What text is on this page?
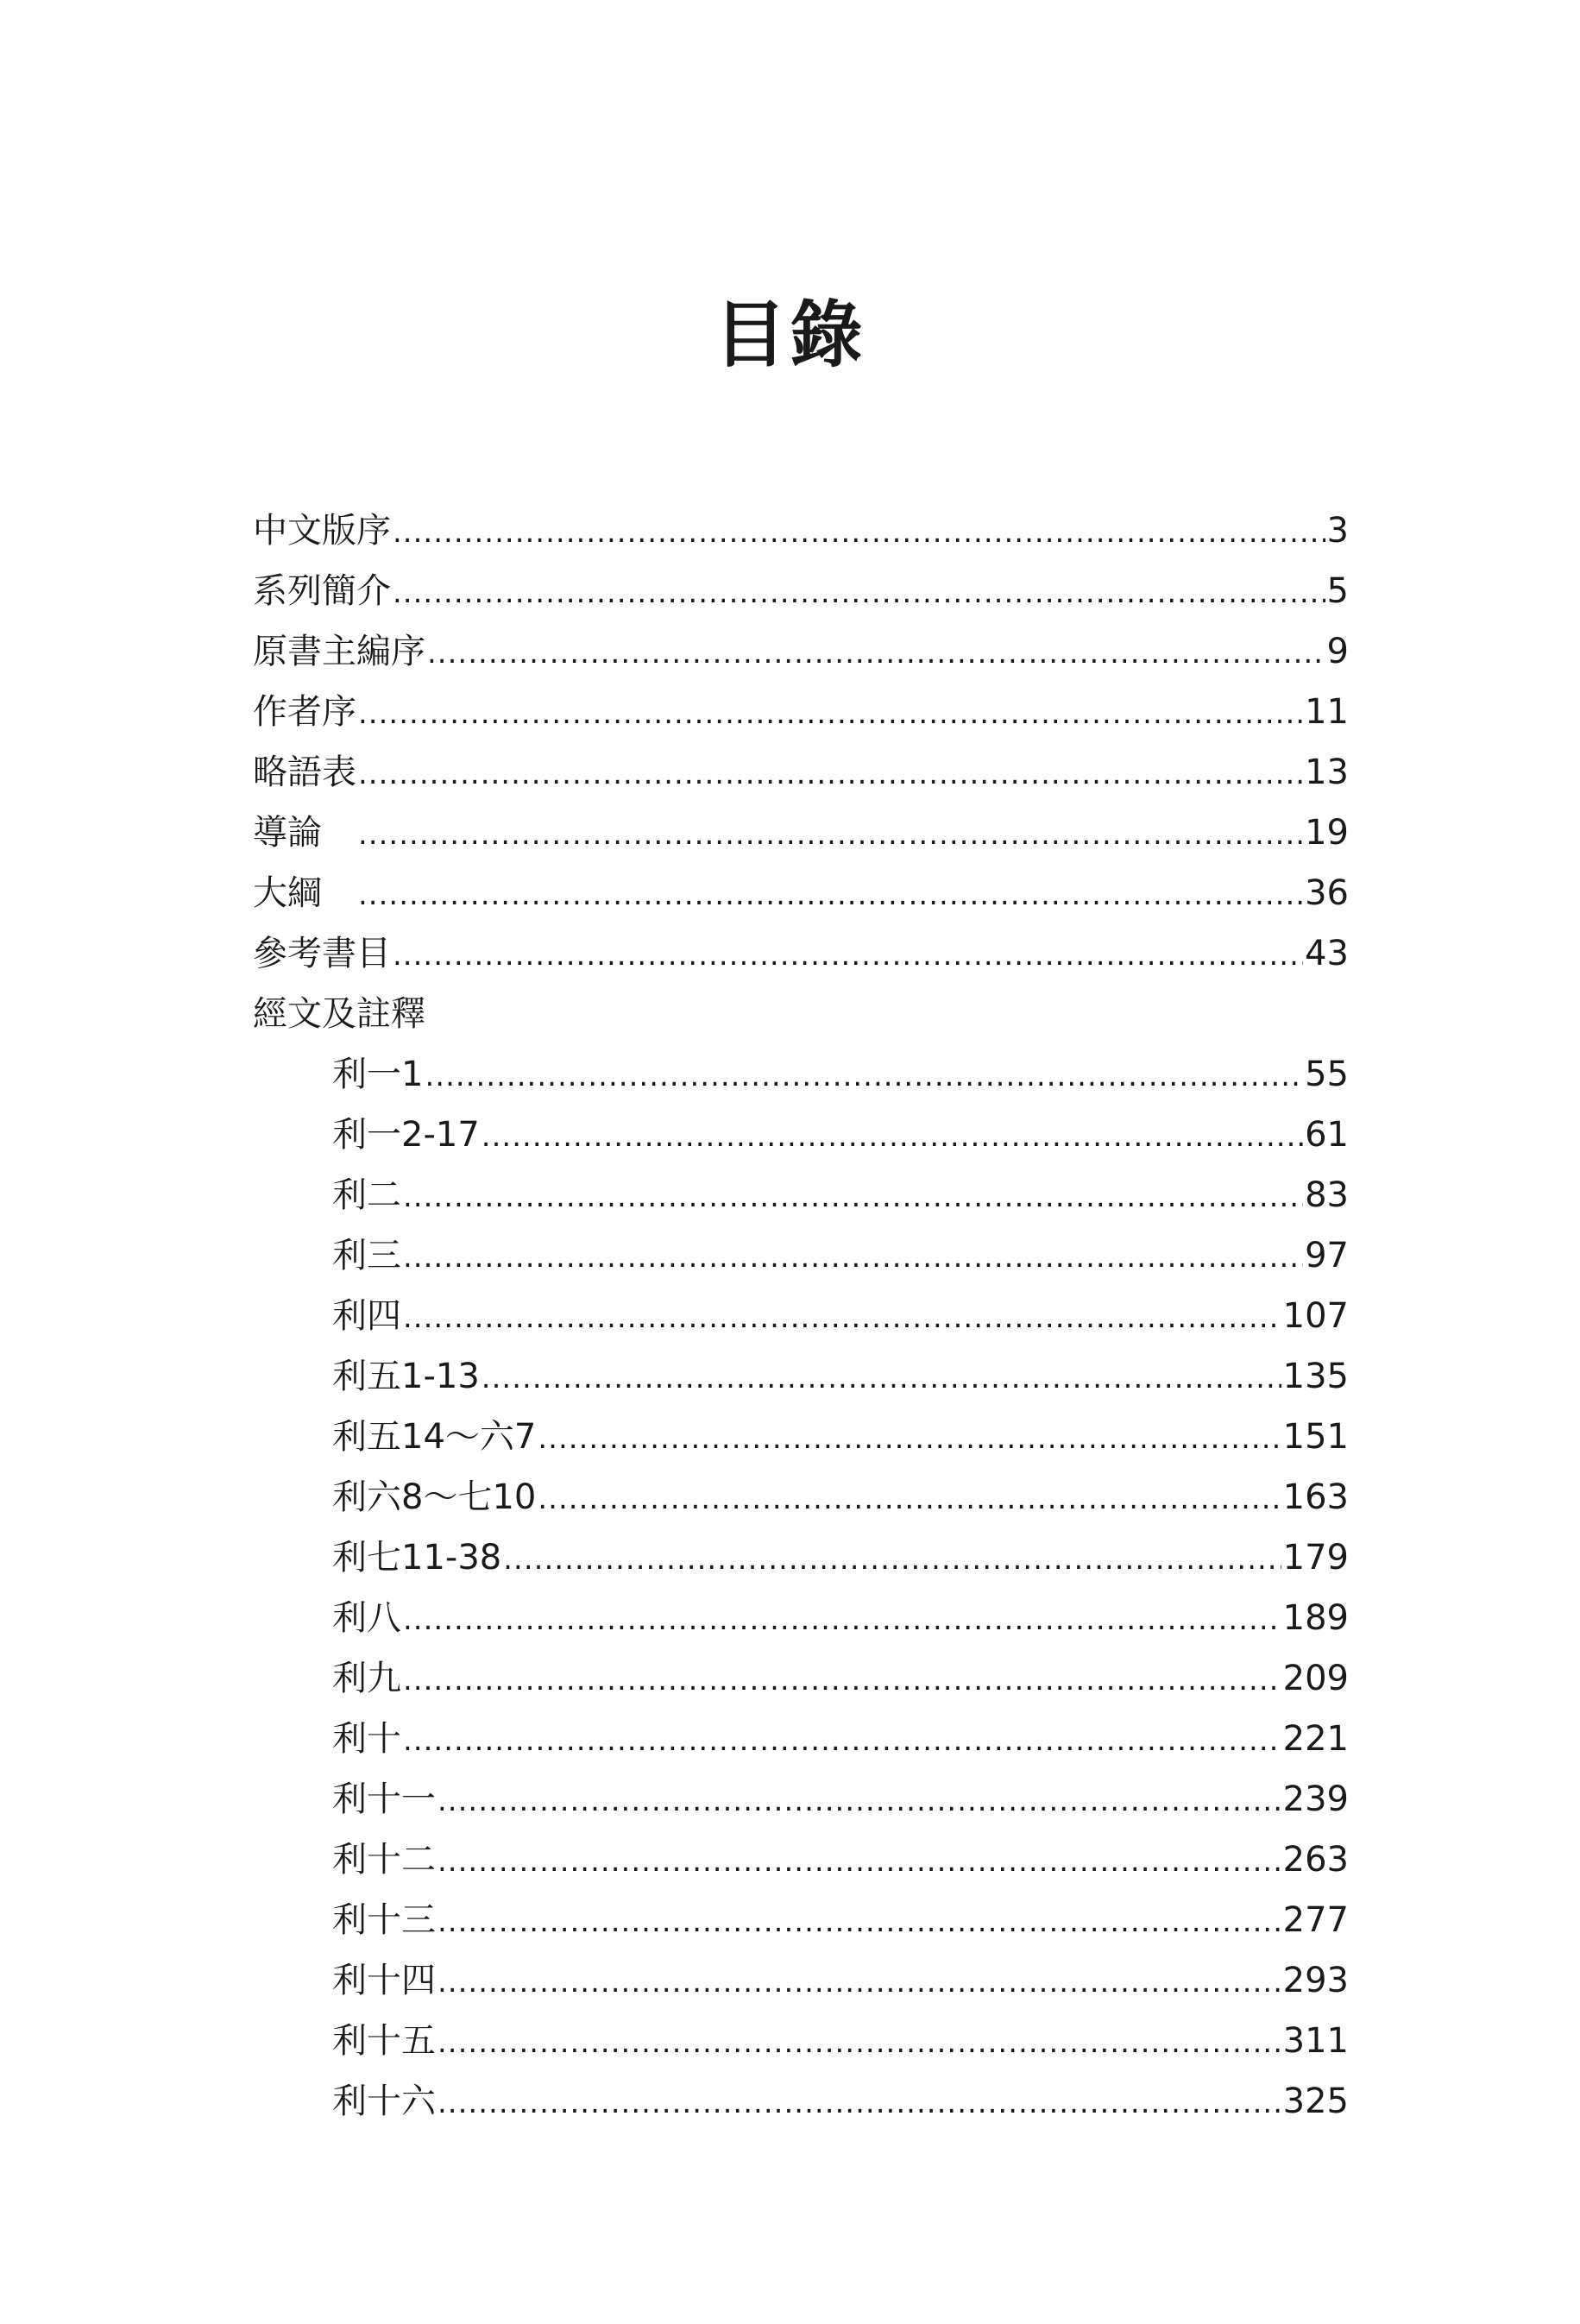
目錄
中文版序 .....	3
系列簡介 .....	5
原書主編序 .....	9
作者序 .....	11
略語表 .....	13
導論　 .....	19
大綱　 .....	36
參考書目 .....	43
經文及註釋
利一1 .....	55
利一2-17 .....	61
利二 .....	83
利三 .....	97
利四 .....	107
利五1-13 .....	135
利五14～六7 .....	151
利六8～七10 .....	163
利七11-38 .....	179
利八 .....	189
利九 .....	209
利十 .....	221
利十一 .....	239
利十二 .....	263
利十三 .....	277
利十四 .....	293
利十五 .....	311
利十六 .....	325
